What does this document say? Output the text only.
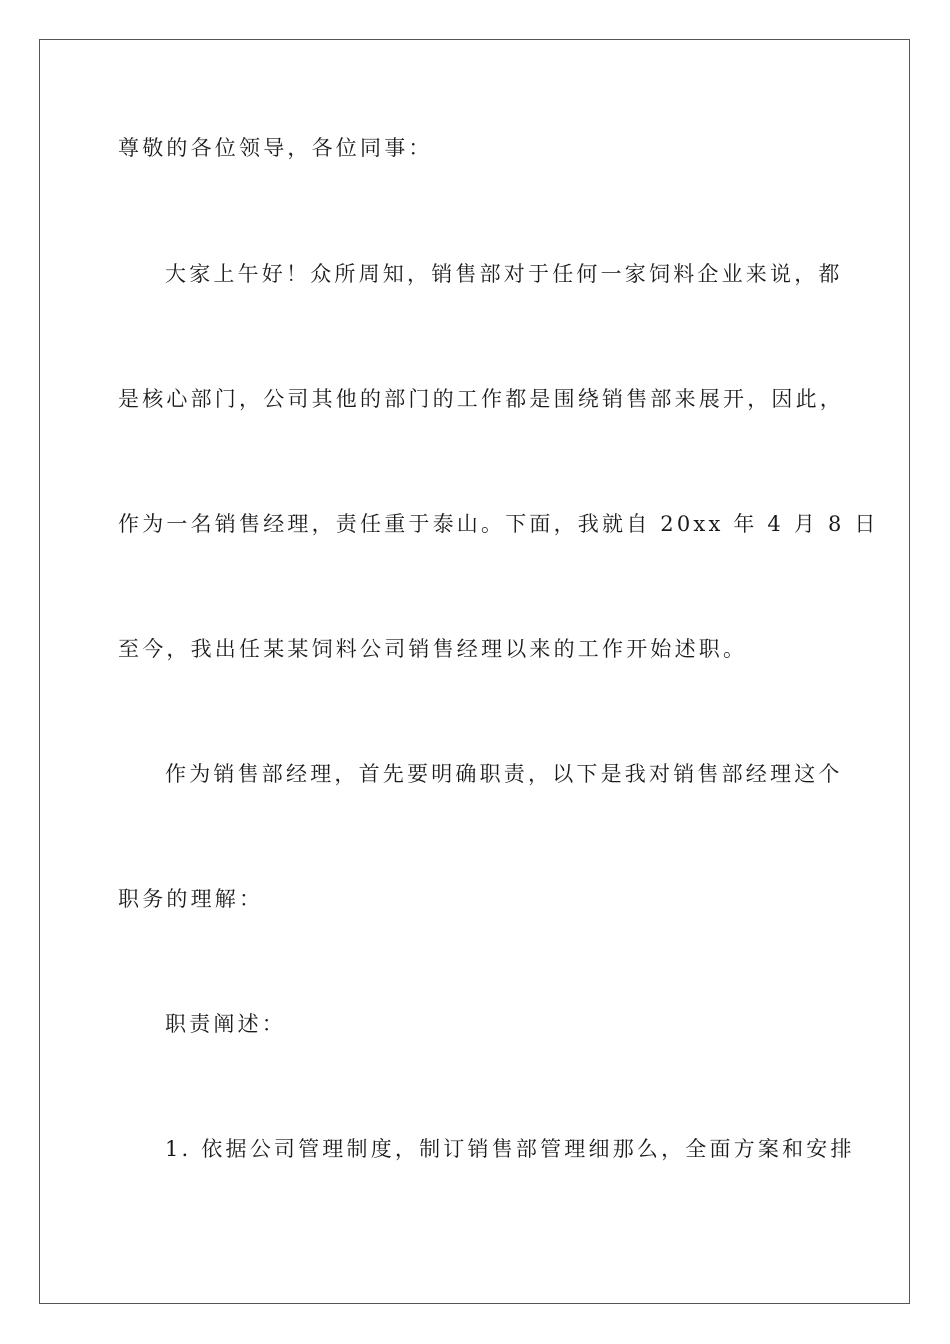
尊敬的各位领导，各位同事：

大家上午好！众所周知，销售部对于任何一家饲料企业来说，都

是核心部门，公司其他的部门的工作都是围绕销售部来展开，因此，

作为一名销售经理，责任重于泰山。下面，我就自 20xx 年 4 月 8 日

至今，我出任某某饲料公司销售经理以来的工作开始述职。

作为销售部经理，首先要明确职责，以下是我对销售部经理这个

职务的理解：

职责阐述：

1. 依据公司管理制度，制订销售部管理细那么，全面方案和安排
